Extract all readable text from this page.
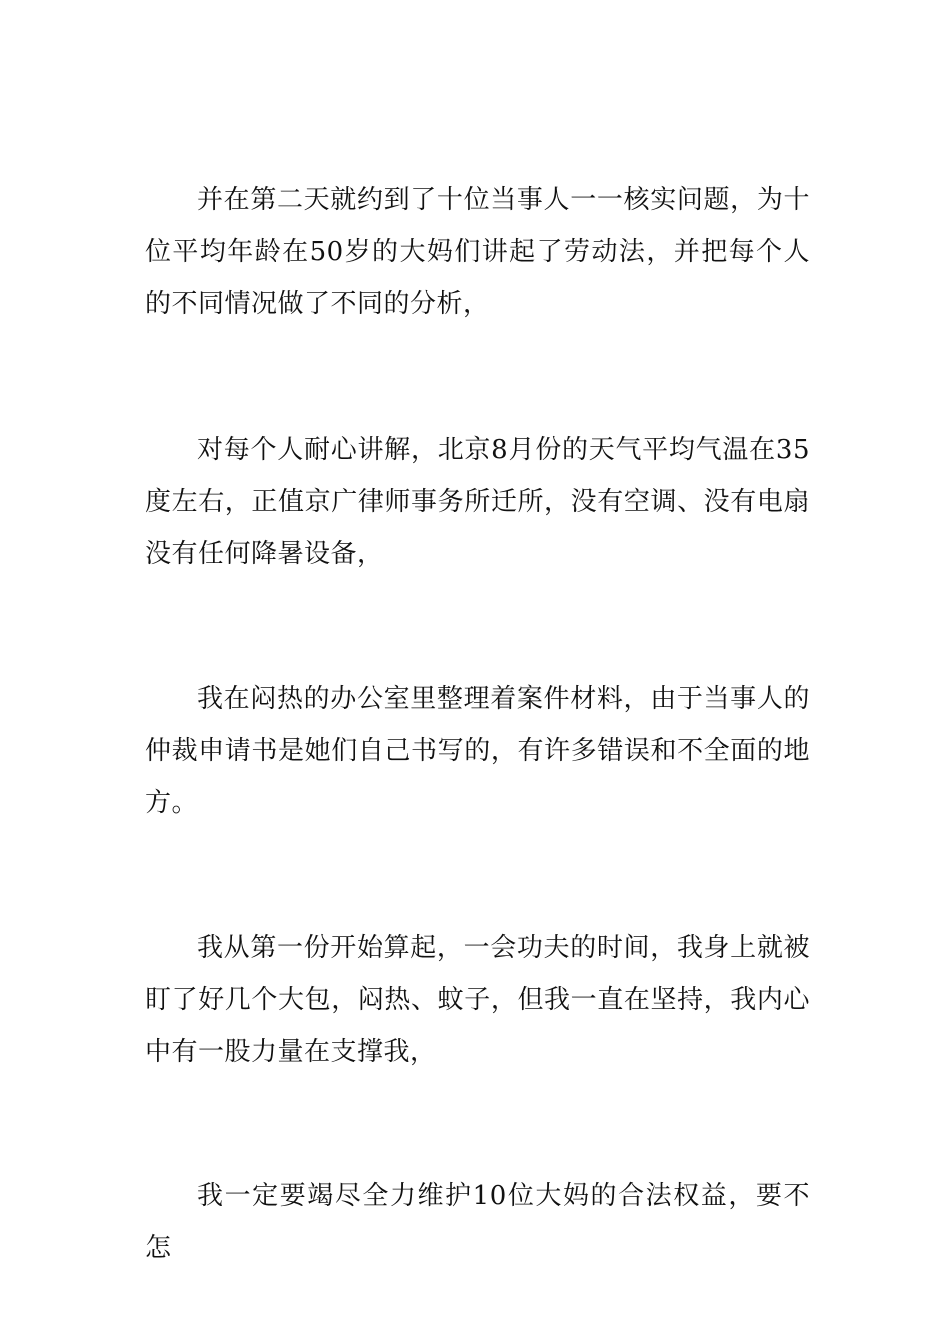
并在第二天就约到了十位当事人一一核实问题，为十位平均年龄在50岁的大妈们讲起了劳动法，并把每个人的不同情况做了不同的分析，

对每个人耐心讲解，北京8月份的天气平均气温在35度左右，正值京广律师事务所迁所，没有空调、没有电扇没有任何降暑设备，

我在闷热的办公室里整理着案件材料，由于当事人的仲裁申请书是她们自己书写的，有许多错误和不全面的地方。

我从第一份开始算起，一会功夫的时间，我身上就被盯了好几个大包，闷热、蚊子，但我一直在坚持，我内心中有一股力量在支撑我，

我一定要竭尽全力维护10位大妈的合法权益，要不怎
